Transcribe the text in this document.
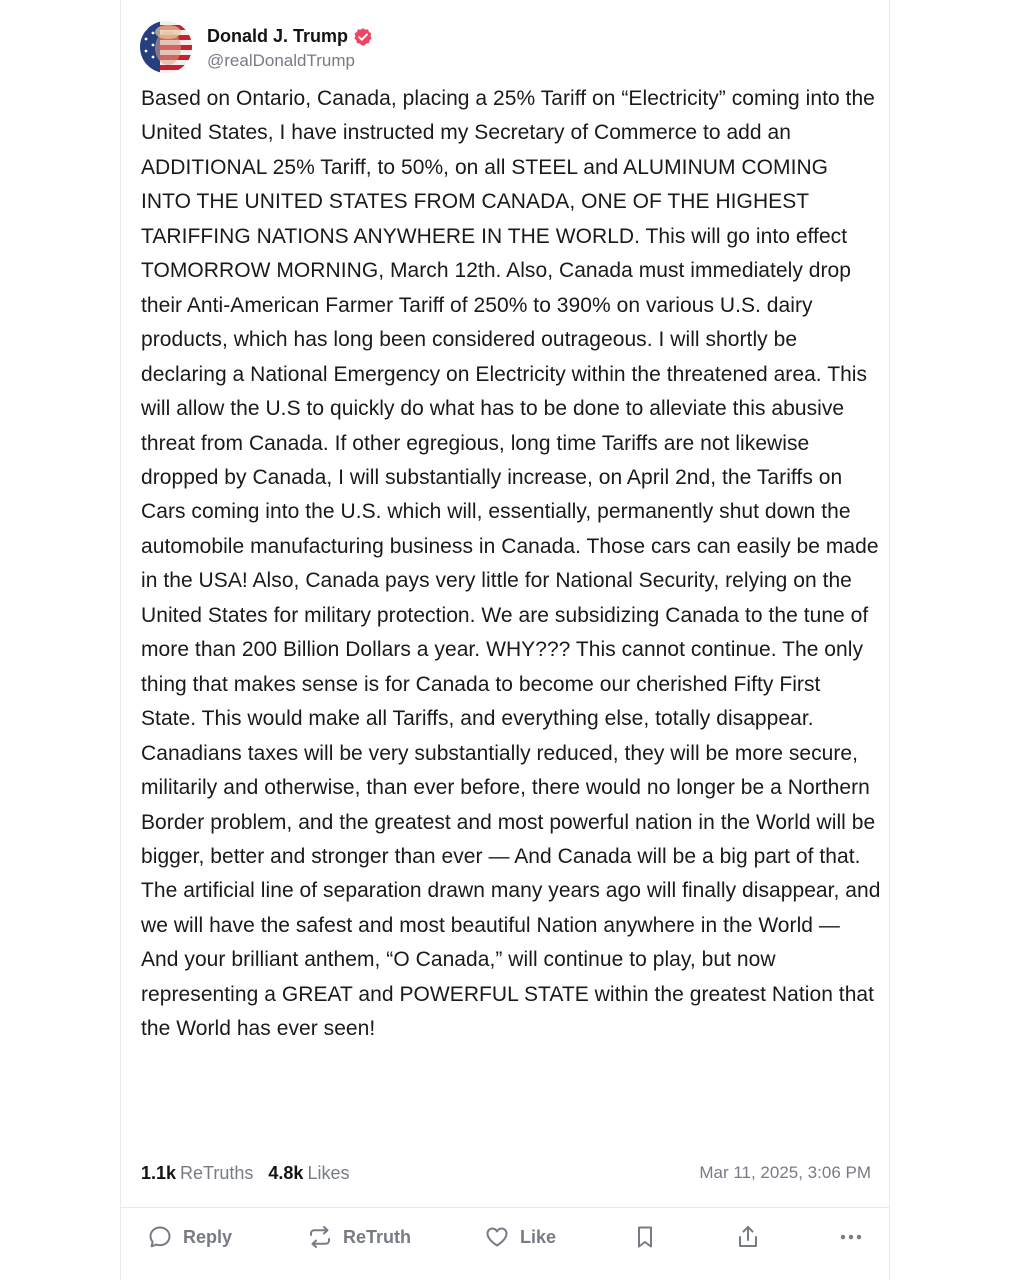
Donald J. Trump
@realDonaldTrump
Based on Ontario, Canada, placing a 25% Tariff on “Electricity” coming into the United States, I have instructed my Secretary of Commerce to add an ADDITIONAL 25% Tariff, to 50%, on all STEEL and ALUMINUM COMING INTO THE UNITED STATES FROM CANADA, ONE OF THE HIGHEST TARIFFING NATIONS ANYWHERE IN THE WORLD. This will go into effect TOMORROW MORNING, March 12th. Also, Canada must immediately drop their Anti-American Farmer Tariff of 250% to 390% on various U.S. dairy products, which has long been considered outrageous. I will shortly be declaring a National Emergency on Electricity within the threatened area. This will allow the U.S to quickly do what has to be done to alleviate this abusive threat from Canada. If other egregious, long time Tariffs are not likewise dropped by Canada, I will substantially increase, on April 2nd, the Tariffs on Cars coming into the U.S. which will, essentially, permanently shut down the automobile manufacturing business in Canada. Those cars can easily be made in the USA! Also, Canada pays very little for National Security, relying on the United States for military protection. We are subsidizing Canada to the tune of more than 200 Billion Dollars a year. WHY??? This cannot continue. The only thing that makes sense is for Canada to become our cherished Fifty First State. This would make all Tariffs, and everything else, totally disappear. Canadians taxes will be very substantially reduced, they will be more secure, militarily and otherwise, than ever before, there would no longer be a Northern Border problem, and the greatest and most powerful nation in the World will be bigger, better and stronger than ever — And Canada will be a big part of that. The artificial line of separation drawn many years ago will finally disappear, and we will have the safest and most beautiful Nation anywhere in the World — And your brilliant anthem, “O Canada,” will continue to play, but now representing a GREAT and POWERFUL STATE within the greatest Nation that the World has ever seen!
1.1k ReTruths 4.8k Likes	Mar 11, 2025, 3:06 PM
Reply	ReTruth	Like
